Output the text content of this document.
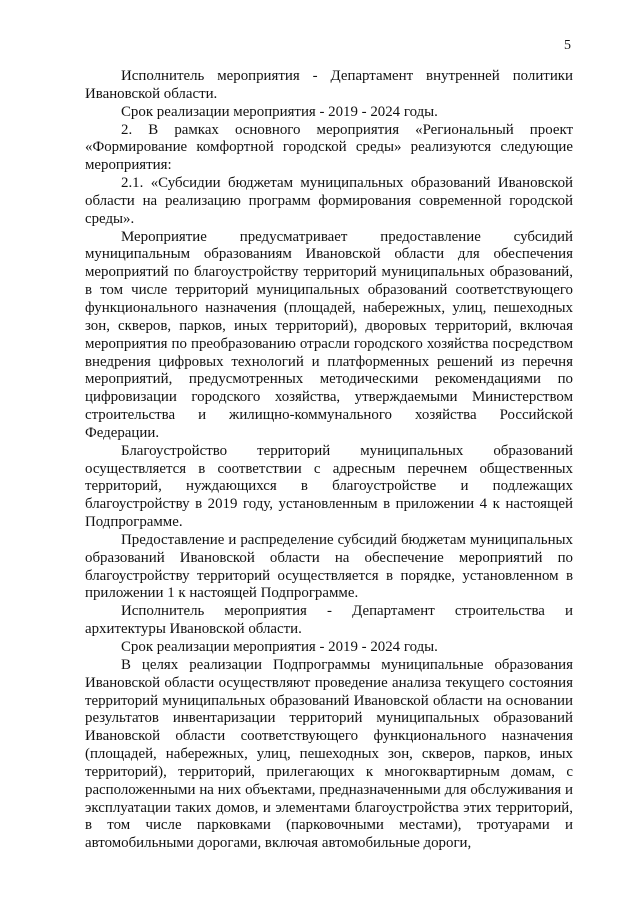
5

Исполнитель мероприятия - Департамент внутренней политики Ивановской области.

Срок реализации мероприятия - 2019 - 2024 годы.

2. В рамках основного мероприятия «Региональный проект «Формирование комфортной городской среды» реализуются следующие мероприятия:

2.1. «Субсидии бюджетам муниципальных образований Ивановской области на реализацию программ формирования современной городской среды».

Мероприятие предусматривает предоставление субсидий муниципальным образованиям Ивановской области для обеспечения мероприятий по благоустройству территорий муниципальных образований, в том числе территорий муниципальных образований соответствующего функционального назначения (площадей, набережных, улиц, пешеходных зон, скверов, парков, иных территорий), дворовых территорий, включая мероприятия по преобразованию отрасли городского хозяйства посредством внедрения цифровых технологий и платформенных решений из перечня мероприятий, предусмотренных методическими рекомендациями по цифровизации городского хозяйства, утверждаемыми Министерством строительства и жилищно-коммунального хозяйства Российской Федерации.

Благоустройство территорий муниципальных образований осуществляется в соответствии с адресным перечнем общественных территорий, нуждающихся в благоустройстве и подлежащих благоустройству в 2019 году, установленным в приложении 4 к настоящей Подпрограмме.

Предоставление и распределение субсидий бюджетам муниципальных образований Ивановской области на обеспечение мероприятий по благоустройству территорий осуществляется в порядке, установленном в приложении 1 к настоящей Подпрограмме.

Исполнитель мероприятия - Департамент строительства и архитектуры Ивановской области.

Срок реализации мероприятия - 2019 - 2024 годы.

В целях реализации Подпрограммы муниципальные образования Ивановской области осуществляют проведение анализа текущего состояния территорий муниципальных образований Ивановской области на основании результатов инвентаризации территорий муниципальных образований Ивановской области соответствующего функционального назначения (площадей, набережных, улиц, пешеходных зон, скверов, парков, иных территорий), территорий, прилегающих к многоквартирным домам, с расположенными на них объектами, предназначенными для обслуживания и эксплуатации таких домов, и элементами благоустройства этих территорий, в том числе парковками (парковочными местами), тротуарами и автомобильными дорогами, включая автомобильные дороги,
